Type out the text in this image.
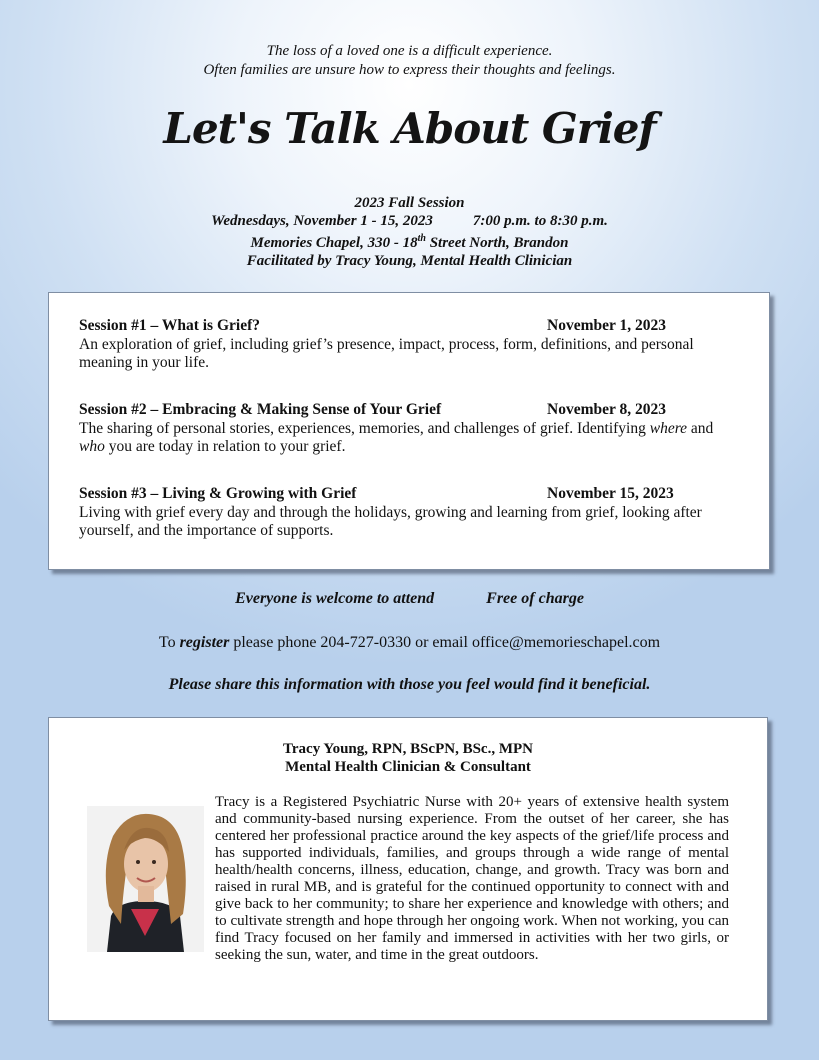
The loss of a loved one is a difficult experience.
Often families are unsure how to express their thoughts and feelings.
Let's Talk About Grief
2023 Fall Session
Wednesdays, November 1 - 15, 2023	7:00 p.m. to 8:30 p.m.
Memories Chapel, 330 - 18th Street North, Brandon
Facilitated by Tracy Young, Mental Health Clinician
Session #1 – What is Grief?	November 1, 2023
An exploration of grief, including grief’s presence, impact, process, form, definitions, and personal meaning in your life.
Session #2 – Embracing & Making Sense of Your Grief	November 8, 2023
The sharing of personal stories, experiences, memories, and challenges of grief. Identifying where and who you are today in relation to your grief.
Session #3 – Living & Growing with Grief	November 15, 2023
Living with grief every day and through the holidays, growing and learning from grief, looking after yourself, and the importance of supports.
Everyone is welcome to attend	Free of charge
To register please phone 204-727-0330 or email office@memorieschapel.com
Please share this information with those you feel would find it beneficial.
Tracy Young, RPN, BScPN, BSc., MPN
Mental Health Clinician & Consultant
Tracy is a Registered Psychiatric Nurse with 20+ years of extensive health system and community-based nursing experience. From the outset of her career, she has centered her professional practice around the key aspects of the grief/life process and has supported individuals, families, and groups through a wide range of mental health/health concerns, illness, education, change, and growth. Tracy was born and raised in rural MB, and is grateful for the continued opportunity to connect with and give back to her community; to share her experience and knowledge with others; and to cultivate strength and hope through her ongoing work. When not working, you can find Tracy focused on her family and immersed in activities with her two girls, or seeking the sun, water, and time in the great outdoors.
